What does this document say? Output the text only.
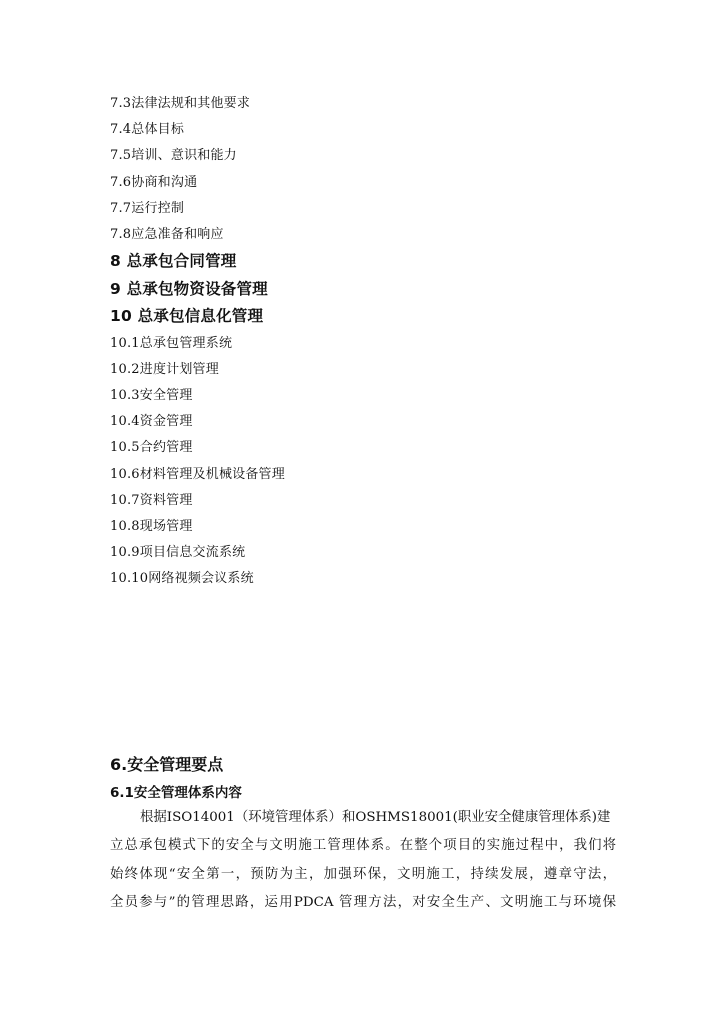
7.3法律法规和其他要求
7.4总体目标
7.5培训、意识和能力
7.6协商和沟通
7.7运行控制
7.8应急准备和响应
8 总承包合同管理
9 总承包物资设备管理
10 总承包信息化管理
10.1总承包管理系统
10.2进度计划管理
10.3安全管理
10.4资金管理
10.5合约管理
10.6材料管理及机械设备管理
10.7资料管理
10.8现场管理
10.9项目信息交流系统
10.10网络视频会议系统
6.安全管理要点
6.1安全管理体系内容
根据ISO14001（环境管理体系）和OSHMS18001(职业安全健康管理体系)建
立总承包模式下的安全与文明施工管理体系。在整个项目的实施过程中，我们将
始终体现“安全第一，预防为主，加强环保，文明施工，持续发展，遵章守法，
全员参与”的管理思路，运用PDCA 管理方法，对安全生产、文明施工与环境保
